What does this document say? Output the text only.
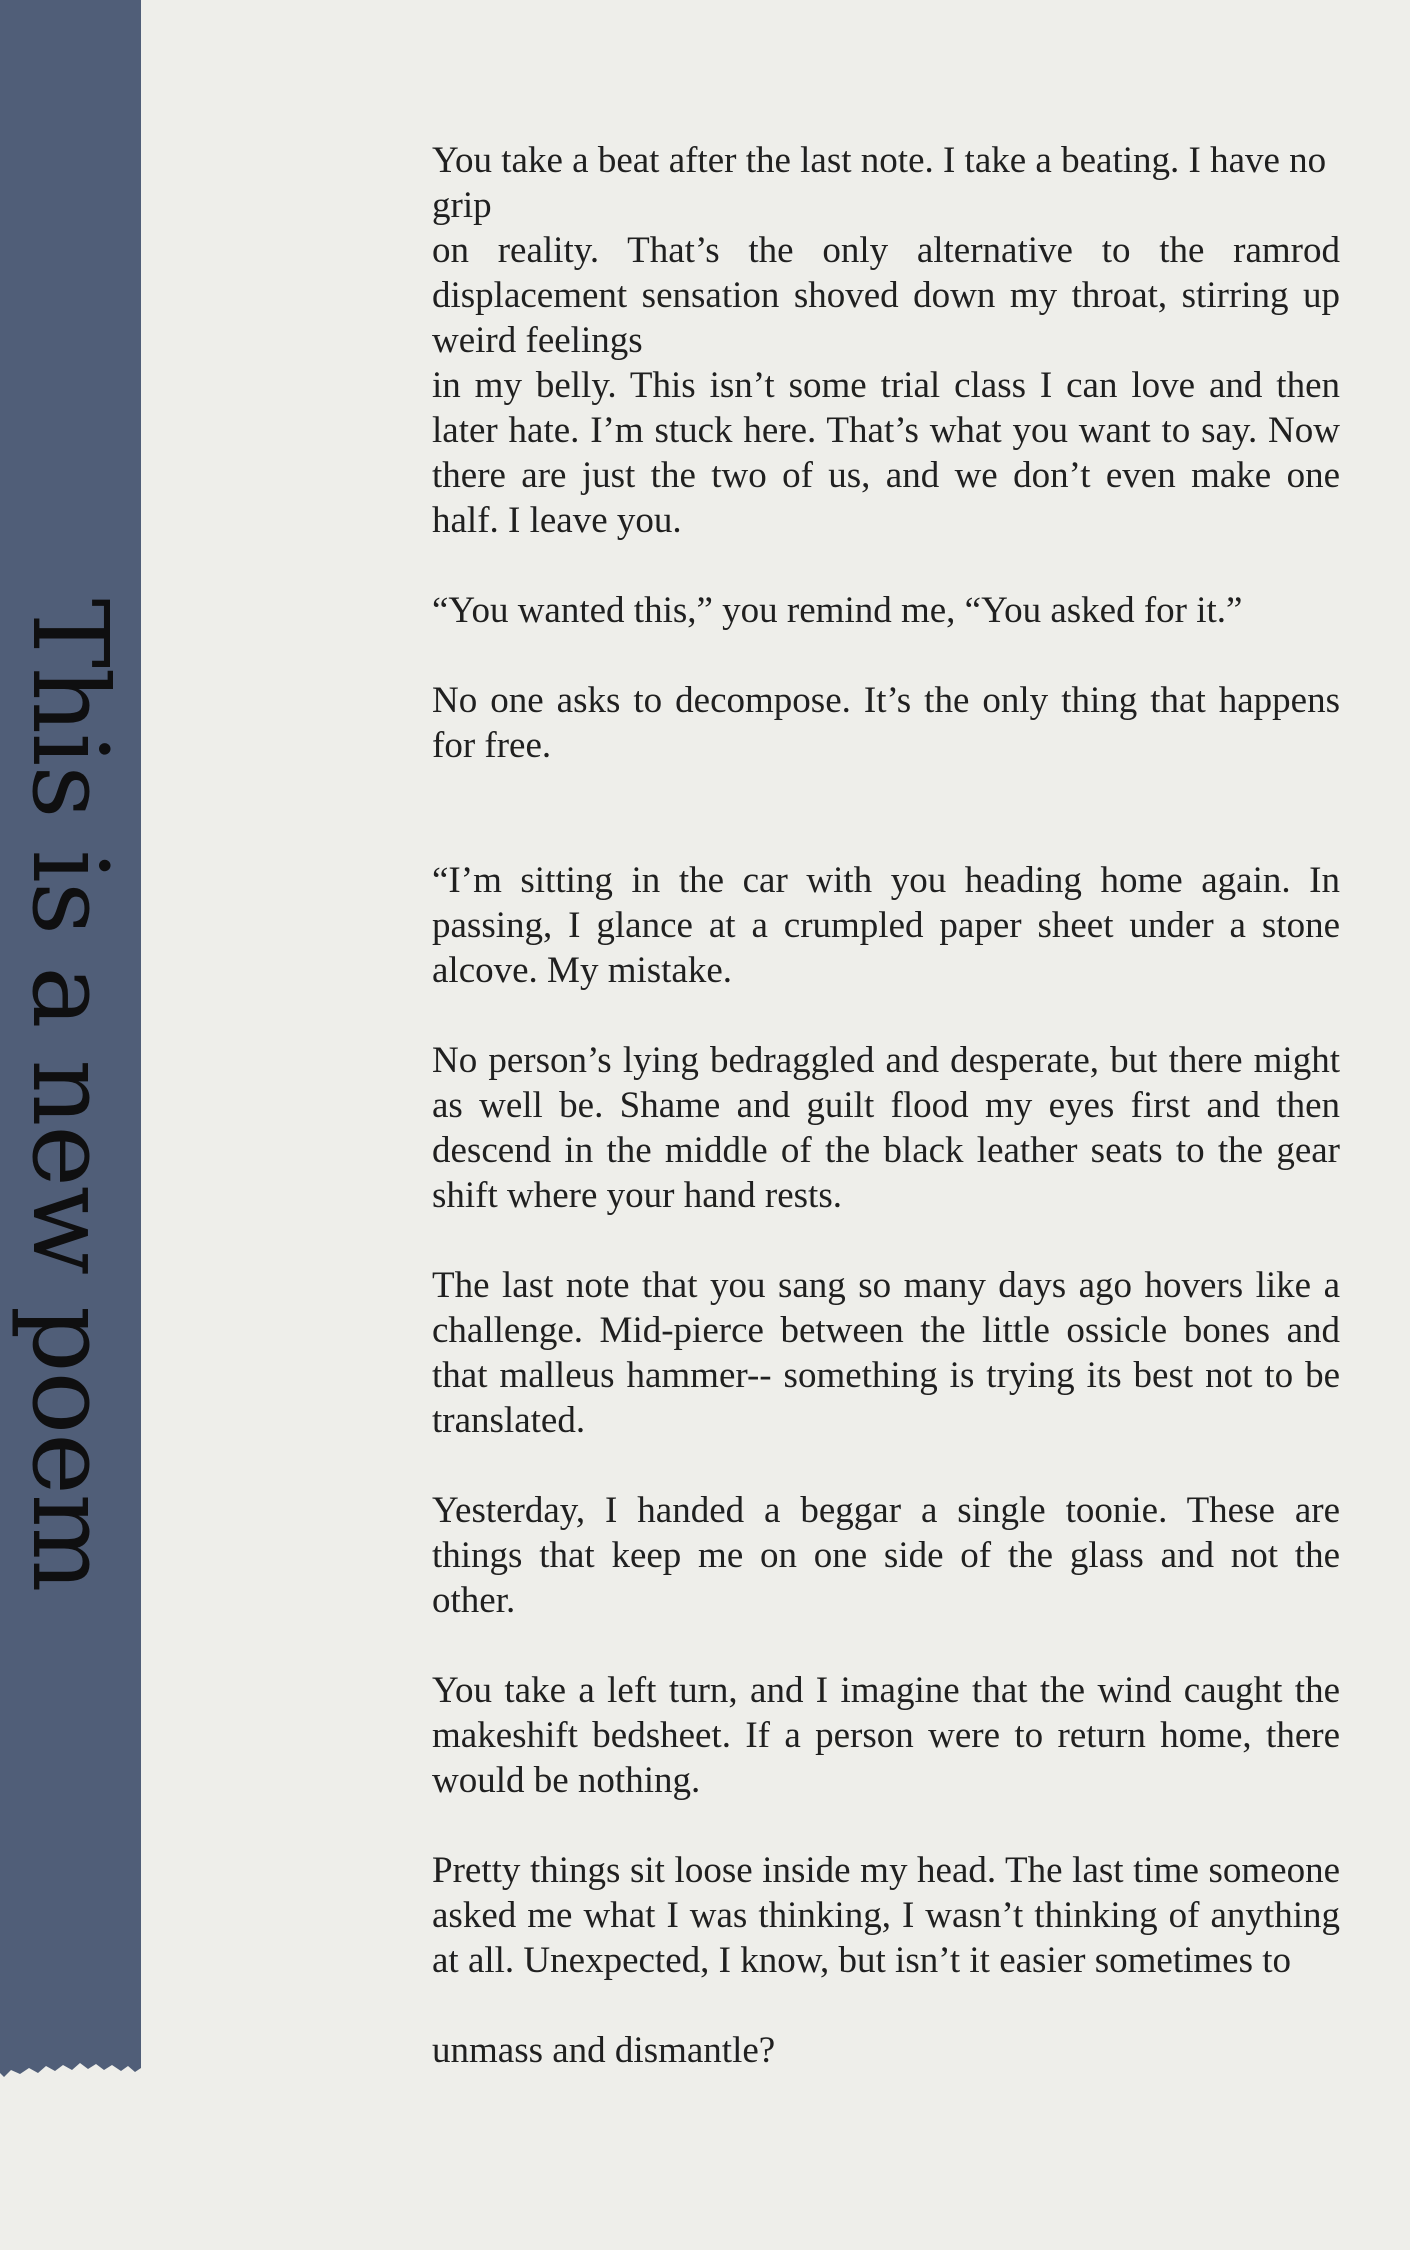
This is a new poem

You take a beat after the last note. I take a beating. I have no grip

on reality. That’s the only alternative to the ramrod displacement sensation shoved down my throat, stirring up weird feelings

in my belly. This isn’t some trial class I can love and then later hate. I’m stuck here. That’s what you want to say. Now there are just the two of us, and we don’t even make one half. I leave you.

“You wanted this,” you remind me, “You asked for it.”

No one asks to decompose. It’s the only thing that happens for free.

“I’m sitting in the car with you heading home again. In passing, I glance at a crumpled paper sheet under a stone alcove. My mistake.

No person’s lying bedraggled and desperate, but there might as well be. Shame and guilt flood my eyes first and then descend in the middle of the black leather seats to the gear shift where your hand rests.

The last note that you sang so many days ago hovers like a challenge. Mid-pierce between the little ossicle bones and that malleus hammer-- something is trying its best not to be translated.

Yesterday, I handed a beggar a single toonie. These are things that keep me on one side of the glass and not the other.

You take a left turn, and I imagine that the wind caught the makeshift bedsheet. If a person were to return home, there would be nothing.

Pretty things sit loose inside my head. The last time someone asked me what I was thinking, I wasn’t thinking of anything at all. Unexpected, I know, but isn’t it easier sometimes to

unmass and dismantle?
